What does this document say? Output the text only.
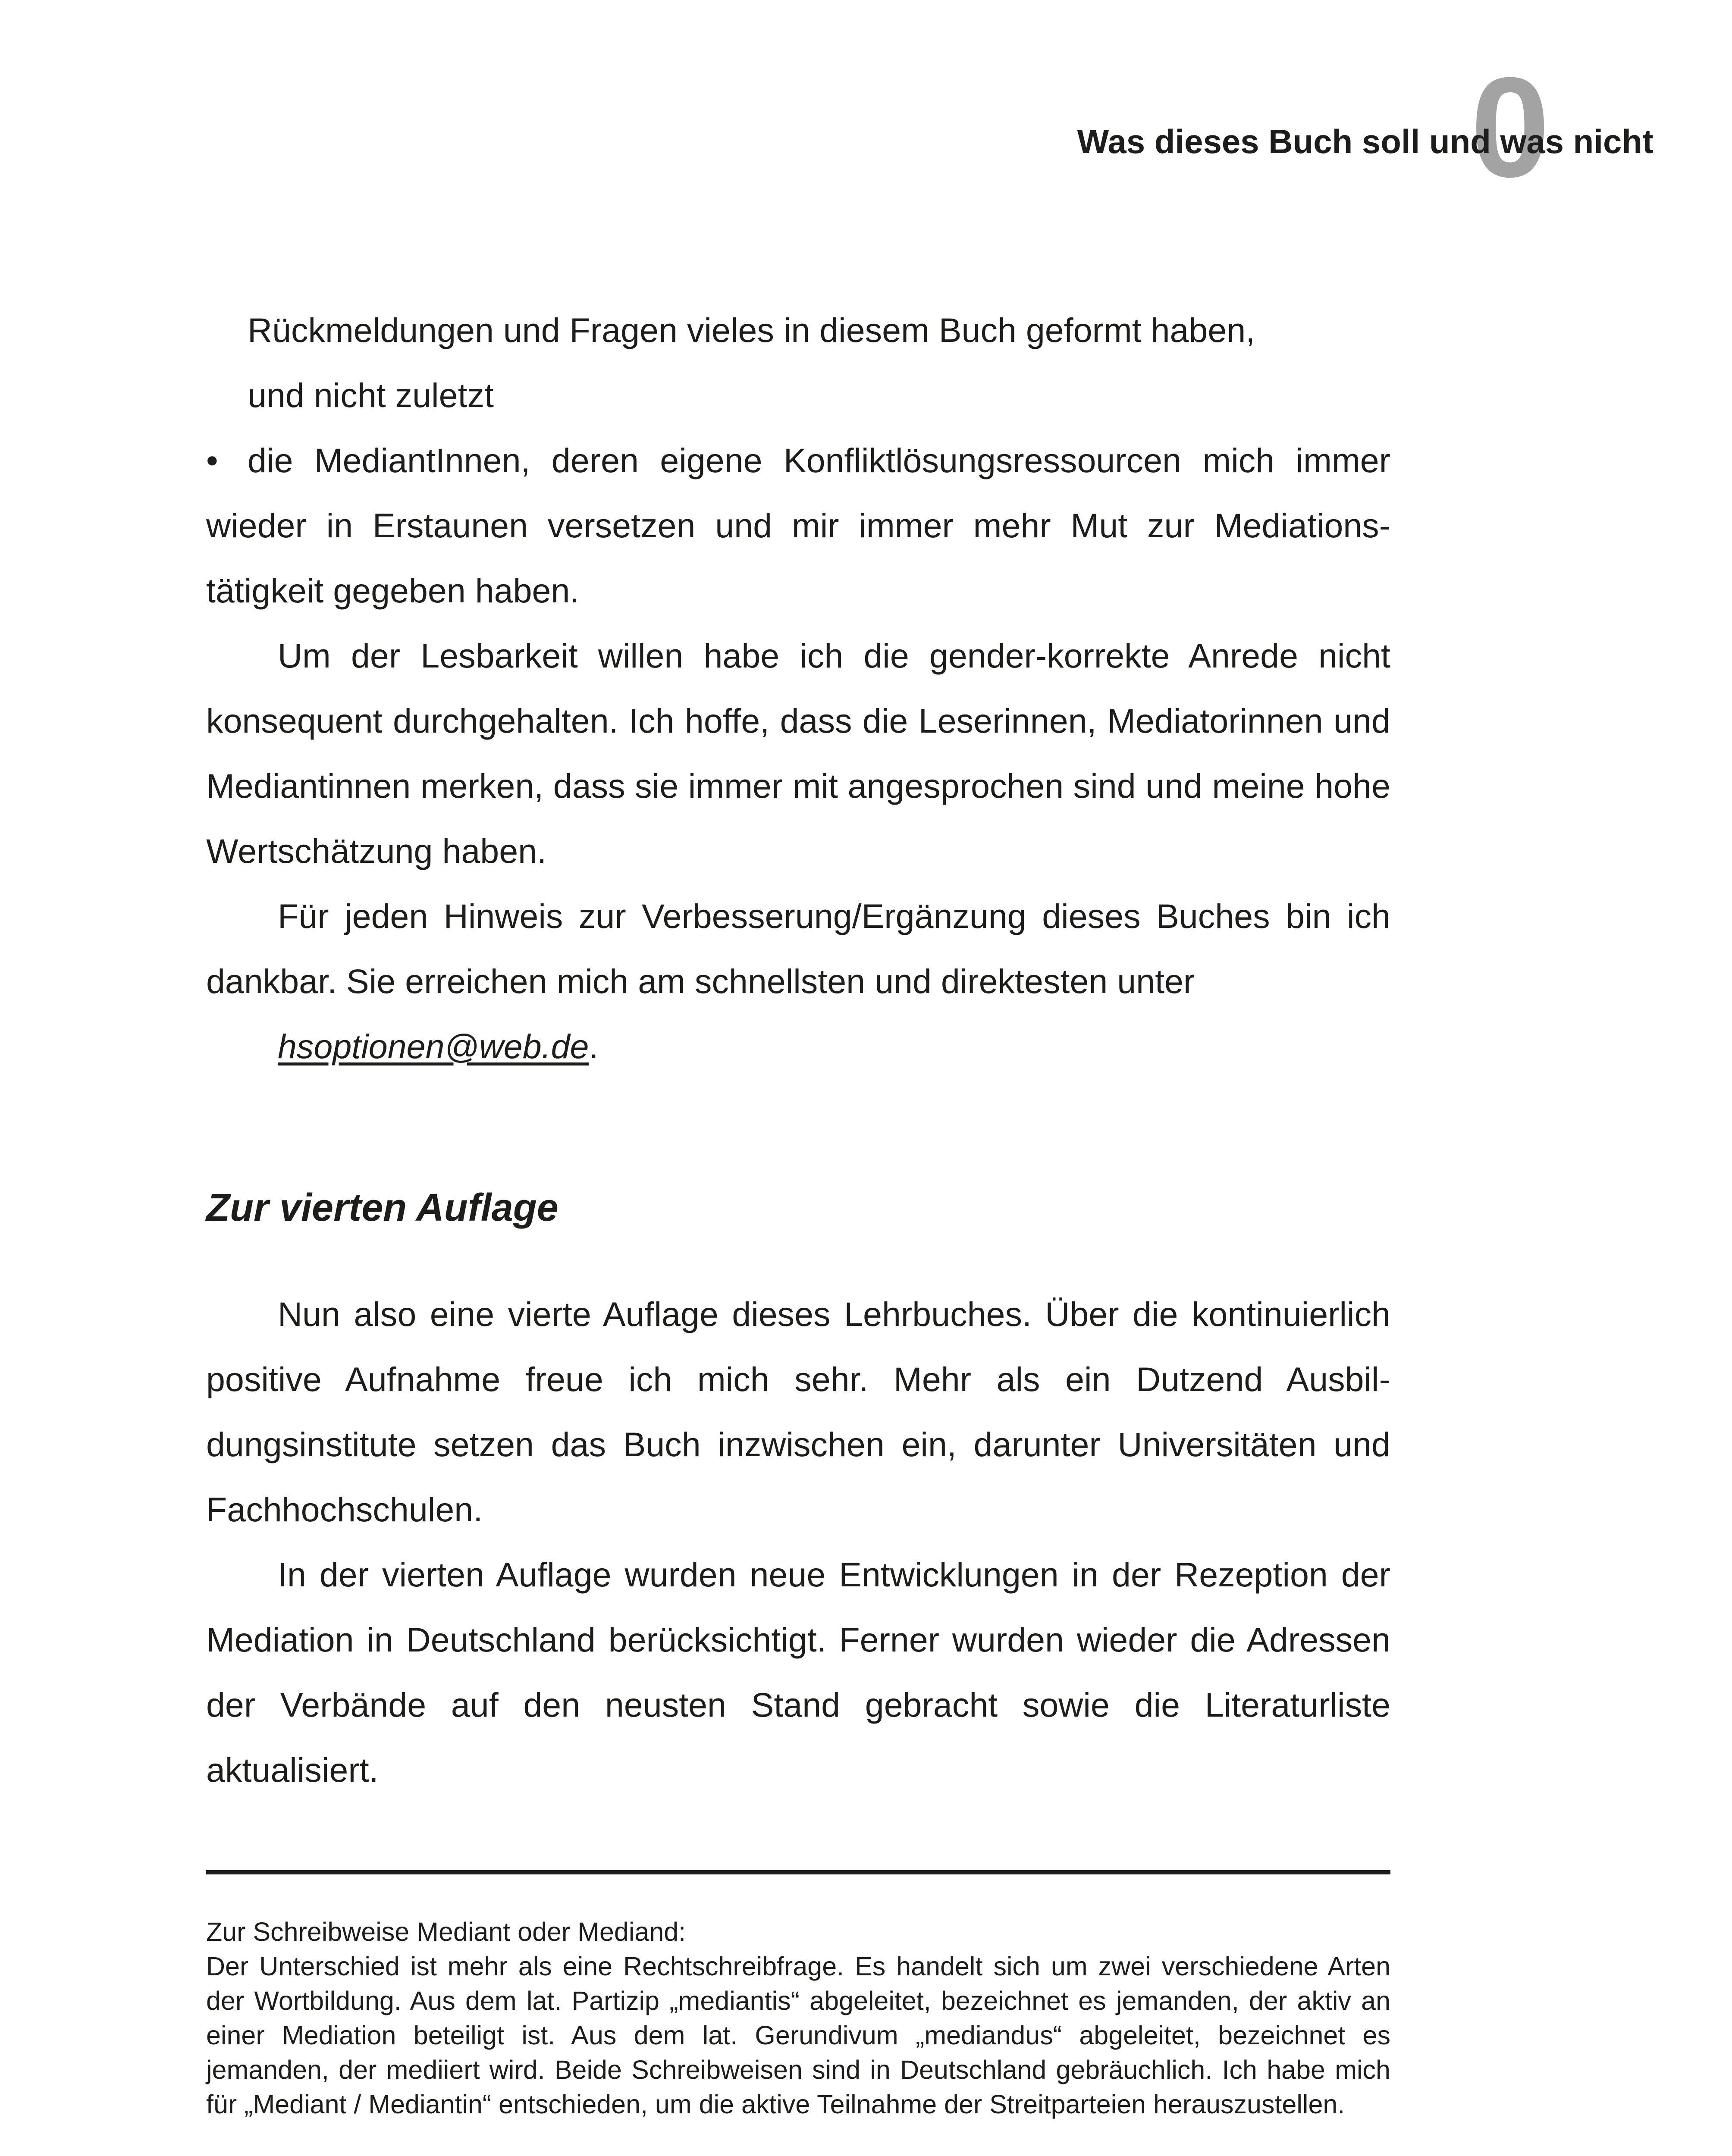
0
Was dieses Buch soll und was nicht

Rückmeldungen und Fragen vieles in diesem Buch geformt haben,

und nicht zuletzt

• die MediantInnen, deren eigene Konfliktlösungsressourcen mich immer wieder in Erstaunen versetzen und mir immer mehr Mut zur Mediationstätigkeit gegeben haben.

Um der Lesbarkeit willen habe ich die gender-korrekte Anrede nicht konsequent durchgehalten. Ich hoffe, dass die Leserinnen, Mediatorinnen und Mediantinnen merken, dass sie immer mit angesprochen sind und meine hohe Wertschätzung haben.

Für jeden Hinweis zur Verbesserung/Ergänzung dieses Buches bin ich dankbar. Sie erreichen mich am schnellsten und direktesten unter

hsoptionen@web.de.

Zur vierten Auflage

Nun also eine vierte Auflage dieses Lehrbuches. Über die kontinuierlich positive Aufnahme freue ich mich sehr. Mehr als ein Dutzend Ausbildungsinstitute setzen das Buch inzwischen ein, darunter Universitäten und Fachhochschulen.

In der vierten Auflage wurden neue Entwicklungen in der Rezeption der Mediation in Deutschland berücksichtigt. Ferner wurden wieder die Adressen der Verbände auf den neusten Stand gebracht sowie die Literaturliste aktualisiert.

Zur Schreibweise Mediant oder Mediand:

Der Unterschied ist mehr als eine Rechtschreibfrage. Es handelt sich um zwei verschiedene Arten der Wortbildung. Aus dem lat. Partizip „mediantis“ abgeleitet, bezeichnet es jemanden, der aktiv an einer Mediation beteiligt ist. Aus dem lat. Gerundivum „mediandus“ abgeleitet, bezeichnet es jemanden, der mediiert wird. Beide Schreibweisen sind in Deutschland gebräuchlich. Ich habe mich für „Mediant / Mediantin“ entschieden, um die aktive Teilnahme der Streitparteien herauszustellen.
